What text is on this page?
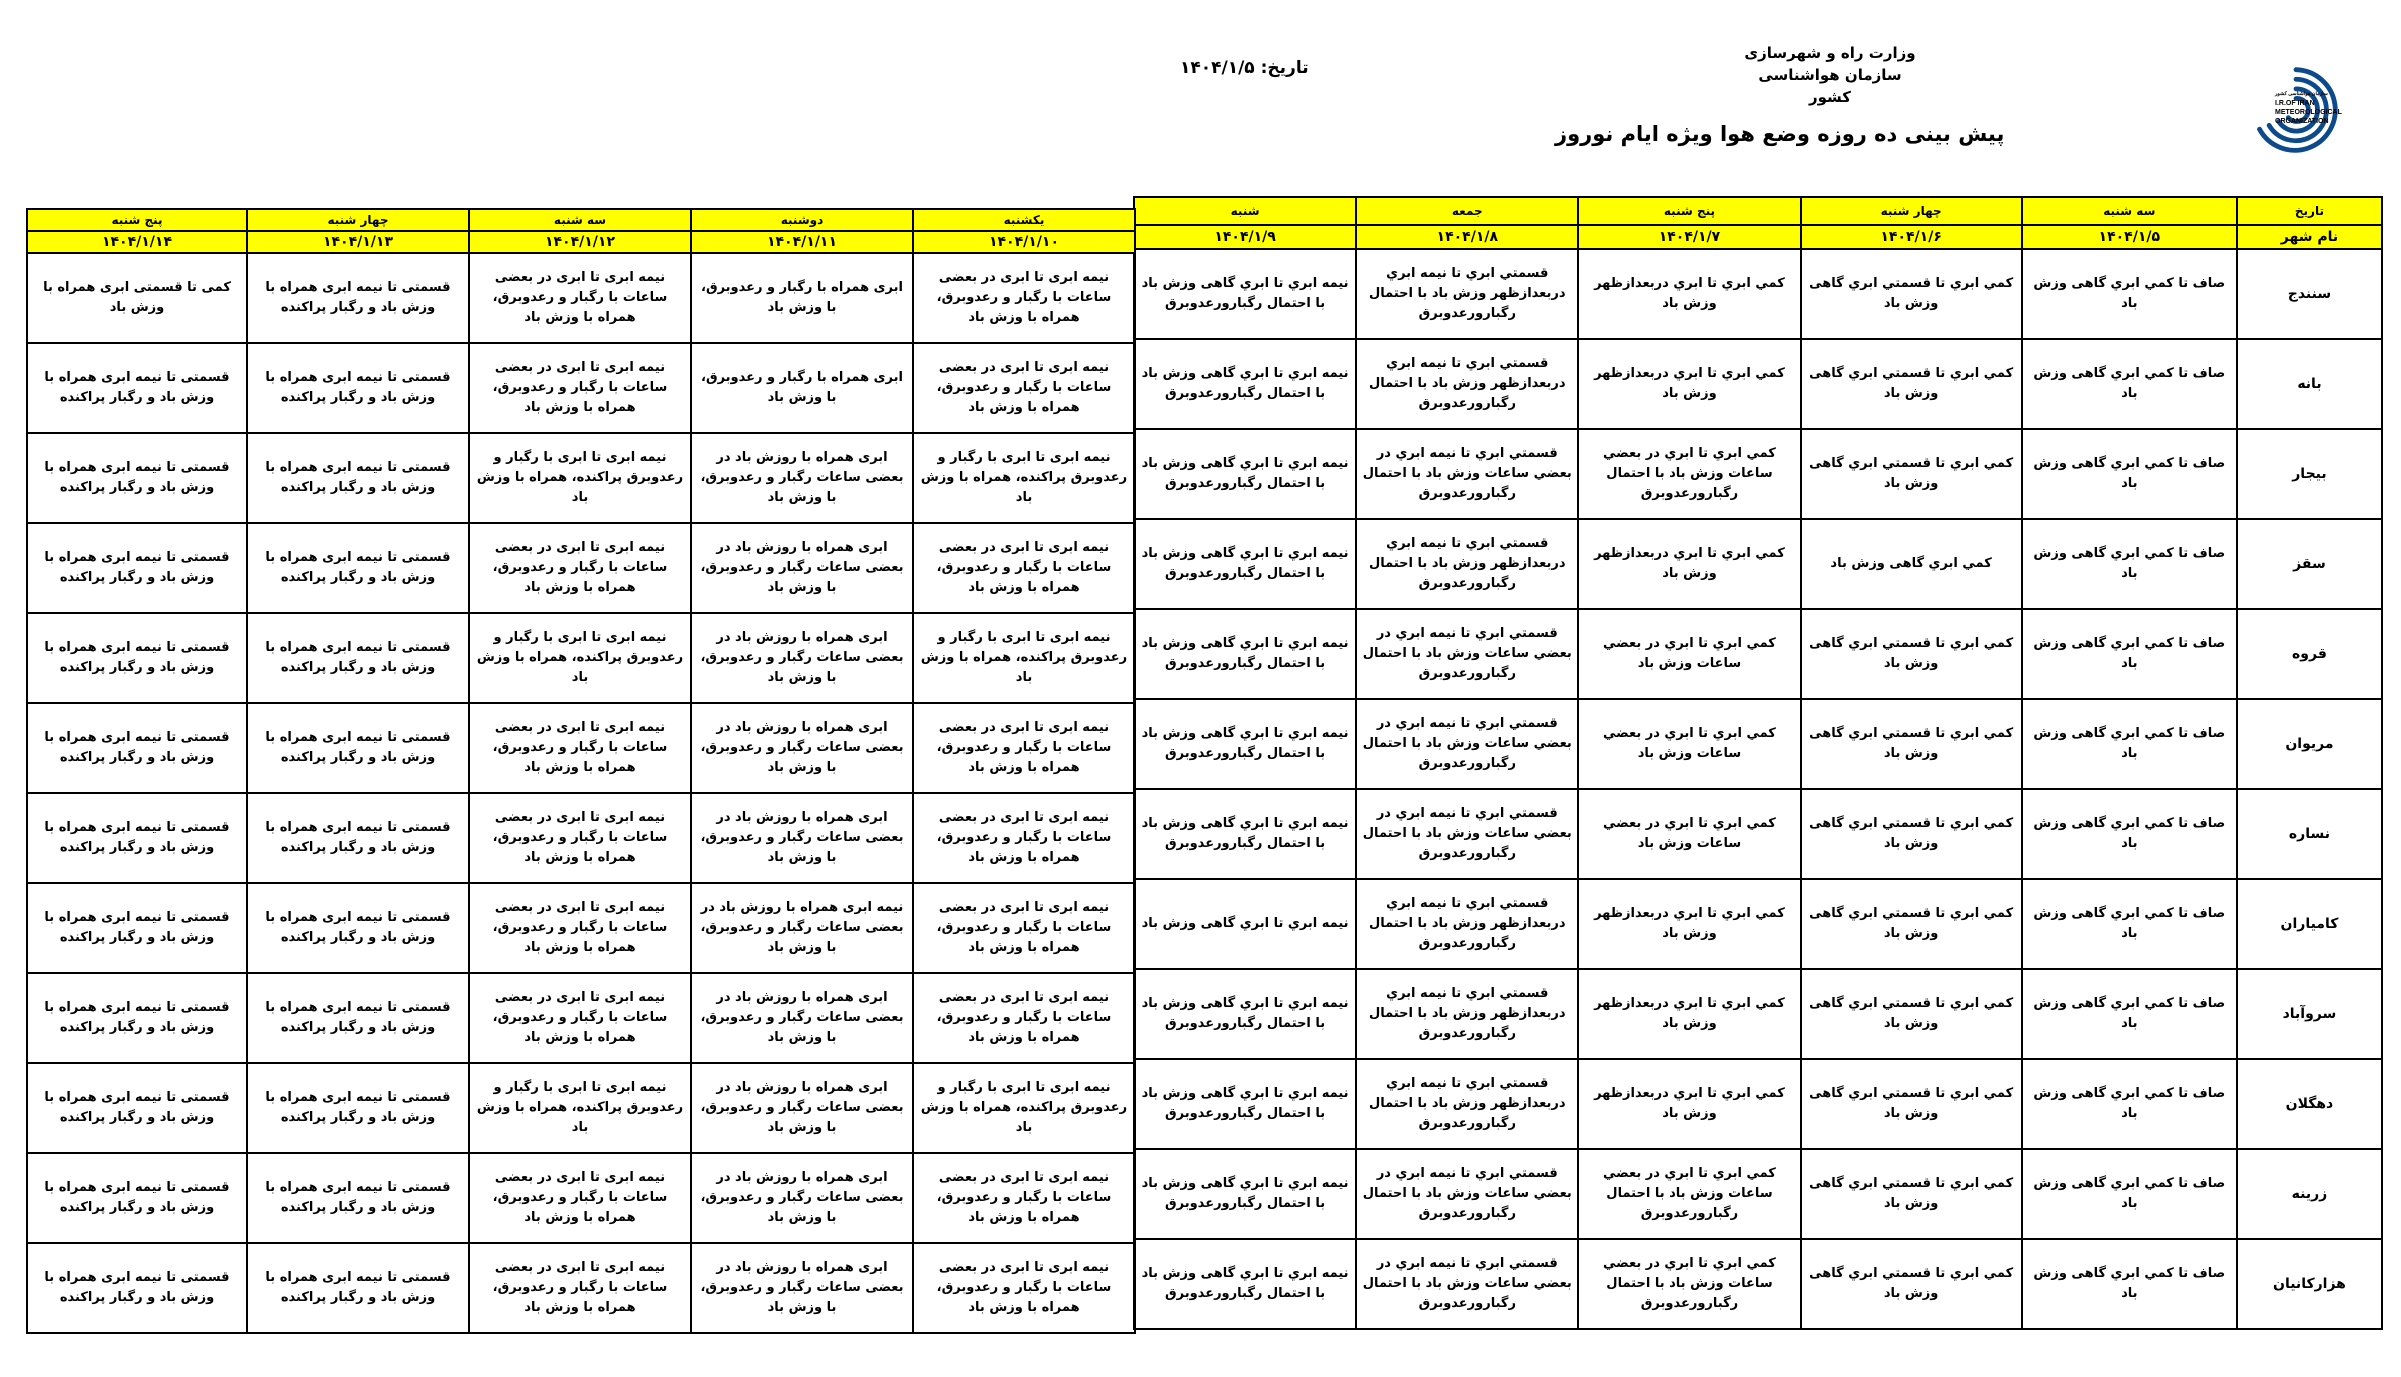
وزارت راه و شهرسازی
سازمان هواشناسی کشور
تاریخ: ۱۴۰۴/۱/۵
پیش بینی ده روزه وضع هوا ویژه ایام نوروز
سازمان هواشناسی کشور
I.R.OF IRAN
METEOROLOGICAL
ORGANIZATION
تاریخ	سه شنبه	چهار شنبه	پنج شنبه	جمعه	شنبه
نام شهر	۱۴۰۴/۱/۵	۱۴۰۴/۱/۶	۱۴۰۴/۱/۷	۱۴۰۴/۱/۸	۱۴۰۴/۱/۹
سنندج	صاف تا کمي ابري گاهی وزش باد	کمي ابري تا قسمتي ابري گاهی وزش باد	کمي ابري تا ابري دربعدازظهر وزش باد	قسمتي ابري تا نیمه ابري دربعدازظهر وزش باد با احتمال رگبارورعدوبرق	نیمه ابري تا ابري گاهی وزش باد با احتمال رگبارورعدوبرق
بانه	صاف تا کمي ابري گاهی وزش باد	کمي ابري تا قسمتي ابري گاهی وزش باد	کمي ابري تا ابري دربعدازظهر وزش باد	قسمتي ابري تا نیمه ابري دربعدازظهر وزش باد با احتمال رگبارورعدوبرق	نیمه ابري تا ابري گاهی وزش باد با احتمال رگبارورعدوبرق
بیجار	صاف تا کمي ابري گاهی وزش باد	کمي ابري تا قسمتي ابري گاهی وزش باد	کمي ابري تا ابري در بعضي ساعات وزش باد با احتمال رگبارورعدوبرق	قسمتي ابري تا نیمه ابري در بعضي ساعات وزش باد با احتمال رگبارورعدوبرق	نیمه ابري تا ابري گاهی وزش باد با احتمال رگبارورعدوبرق
سقز	صاف تا کمي ابري گاهی وزش باد	کمي ابري گاهی وزش باد	کمي ابري تا ابري دربعدازظهر وزش باد	قسمتي ابري تا نیمه ابري دربعدازظهر وزش باد با احتمال رگبارورعدوبرق	نیمه ابري تا ابري گاهی وزش باد با احتمال رگبارورعدوبرق
قروه	صاف تا کمي ابري گاهی وزش باد	کمي ابري تا قسمتي ابري گاهی وزش باد	کمي ابري تا ابري در بعضي ساعات وزش باد	قسمتي ابري تا نیمه ابري در بعضي ساعات وزش باد با احتمال رگبارورعدوبرق	نیمه ابري تا ابري گاهی وزش باد با احتمال رگبارورعدوبرق
مریوان	صاف تا کمي ابري گاهی وزش باد	کمي ابري تا قسمتي ابري گاهی وزش باد	کمي ابري تا ابري در بعضي ساعات وزش باد	قسمتي ابري تا نیمه ابري در بعضي ساعات وزش باد با احتمال رگبارورعدوبرق	نیمه ابري تا ابري گاهی وزش باد با احتمال رگبارورعدوبرق
نساره	صاف تا کمي ابري گاهی وزش باد	کمي ابري تا قسمتي ابري گاهی وزش باد	کمي ابري تا ابري در بعضي ساعات وزش باد	قسمتي ابري تا نیمه ابري در بعضي ساعات وزش باد با احتمال رگبارورعدوبرق	نیمه ابري تا ابري گاهی وزش باد با احتمال رگبارورعدوبرق
کامیاران	صاف تا کمي ابري گاهی وزش باد	کمي ابري تا قسمتي ابري گاهی وزش باد	کمي ابري تا ابري دربعدازظهر وزش باد	قسمتي ابري تا نیمه ابري دربعدازظهر وزش باد با احتمال رگبارورعدوبرق	نیمه ابري تا ابري گاهی وزش باد
سروآباد	صاف تا کمي ابري گاهی وزش باد	کمي ابري تا قسمتي ابري گاهی وزش باد	کمي ابري تا ابري دربعدازظهر وزش باد	قسمتي ابري تا نیمه ابري دربعدازظهر وزش باد با احتمال رگبارورعدوبرق	نیمه ابري تا ابري گاهی وزش باد با احتمال رگبارورعدوبرق
دهگلان	صاف تا کمي ابري گاهی وزش باد	کمي ابري تا قسمتي ابري گاهی وزش باد	کمي ابري تا ابري دربعدازظهر وزش باد	قسمتي ابري تا نیمه ابري دربعدازظهر وزش باد با احتمال رگبارورعدوبرق	نیمه ابري تا ابري گاهی وزش باد با احتمال رگبارورعدوبرق
زرینه	صاف تا کمي ابري گاهی وزش باد	کمي ابري تا قسمتي ابري گاهی وزش باد	کمي ابري تا ابري در بعضي ساعات وزش باد با احتمال رگبارورعدوبرق	قسمتي ابري تا نیمه ابري در بعضي ساعات وزش باد با احتمال رگبارورعدوبرق	نیمه ابري تا ابري گاهی وزش باد با احتمال رگبارورعدوبرق
هزارکانیان	صاف تا کمي ابري گاهی وزش باد	کمي ابري تا قسمتي ابري گاهی وزش باد	کمي ابري تا ابري در بعضي ساعات وزش باد با احتمال رگبارورعدوبرق	قسمتي ابري تا نیمه ابري در بعضي ساعات وزش باد با احتمال رگبارورعدوبرق	نیمه ابري تا ابري گاهی وزش باد با احتمال رگبارورعدوبرق
یکشنبه	دوشنبه	سه شنبه	چهار شنبه	پنج شنبه
۱۴۰۴/۱/۱۰	۱۴۰۴/۱/۱۱	۱۴۰۴/۱/۱۲	۱۴۰۴/۱/۱۳	۱۴۰۴/۱/۱۴
نیمه ابری تا ابری در بعضی ساعات با رگبار و رعدوبرق، همراه با وزش باد	ابری همراه با رگبار و رعدوبرق، با وزش باد	نیمه ابری تا ابری در بعضی ساعات با رگبار و رعدوبرق، همراه با وزش باد	قسمتی تا نیمه ابری همراه با وزش باد و رگبار پراکنده	کمی تا قسمتی ابری همراه با وزش باد
نیمه ابری تا ابری در بعضی ساعات با رگبار و رعدوبرق، همراه با وزش باد	ابری همراه با رگبار و رعدوبرق، با وزش باد	نیمه ابری تا ابری در بعضی ساعات با رگبار و رعدوبرق، همراه با وزش باد	قسمتی تا نیمه ابری همراه با وزش باد و رگبار پراکنده	قسمتی تا نیمه ابری همراه با وزش باد و رگبار پراکنده
نیمه ابری تا ابری با رگبار و رعدوبرق پراکنده، همراه با وزش باد	ابری همراه با روزش باد در بعضی ساعات رگبار و رعدوبرق، با وزش باد	نیمه ابری تا ابری با رگبار و رعدوبرق پراکنده، همراه با وزش باد	قسمتی تا نیمه ابری همراه با وزش باد و رگبار پراکنده	قسمتی تا نیمه ابری همراه با وزش باد و رگبار پراکنده
نیمه ابری تا ابری در بعضی ساعات با رگبار و رعدوبرق، همراه با وزش باد	ابری همراه با روزش باد در بعضی ساعات رگبار و رعدوبرق، با وزش باد	نیمه ابری تا ابری در بعضی ساعات با رگبار و رعدوبرق، همراه با وزش باد	قسمتی تا نیمه ابری همراه با وزش باد و رگبار پراکنده	قسمتی تا نیمه ابری همراه با وزش باد و رگبار پراکنده
نیمه ابری تا ابری با رگبار و رعدوبرق پراکنده، همراه با وزش باد	ابری همراه با روزش باد در بعضی ساعات رگبار و رعدوبرق، با وزش باد	نیمه ابری تا ابری با رگبار و رعدوبرق پراکنده، همراه با وزش باد	قسمتی تا نیمه ابری همراه با وزش باد و رگبار پراکنده	قسمتی تا نیمه ابری همراه با وزش باد و رگبار پراکنده
نیمه ابری تا ابری در بعضی ساعات با رگبار و رعدوبرق، همراه با وزش باد	ابری همراه با روزش باد در بعضی ساعات رگبار و رعدوبرق، با وزش باد	نیمه ابری تا ابری در بعضی ساعات با رگبار و رعدوبرق، همراه با وزش باد	قسمتی تا نیمه ابری همراه با وزش باد و رگبار پراکنده	قسمتی تا نیمه ابری همراه با وزش باد و رگبار پراکنده
نیمه ابری تا ابری در بعضی ساعات با رگبار و رعدوبرق، همراه با وزش باد	ابری همراه با روزش باد در بعضی ساعات رگبار و رعدوبرق، با وزش باد	نیمه ابری تا ابری در بعضی ساعات با رگبار و رعدوبرق، همراه با وزش باد	قسمتی تا نیمه ابری همراه با وزش باد و رگبار پراکنده	قسمتی تا نیمه ابری همراه با وزش باد و رگبار پراکنده
نیمه ابری تا ابری در بعضی ساعات با رگبار و رعدوبرق، همراه با وزش باد	نیمه ابری همراه با روزش باد در بعضی ساعات رگبار و رعدوبرق، با وزش باد	نیمه ابری تا ابری در بعضی ساعات با رگبار و رعدوبرق، همراه با وزش باد	قسمتی تا نیمه ابری همراه با وزش باد و رگبار پراکنده	قسمتی تا نیمه ابری همراه با وزش باد و رگبار پراکنده
نیمه ابری تا ابری در بعضی ساعات با رگبار و رعدوبرق، همراه با وزش باد	ابری همراه با روزش باد در بعضی ساعات رگبار و رعدوبرق، با وزش باد	نیمه ابری تا ابری در بعضی ساعات با رگبار و رعدوبرق، همراه با وزش باد	قسمتی تا نیمه ابری همراه با وزش باد و رگبار پراکنده	قسمتی تا نیمه ابری همراه با وزش باد و رگبار پراکنده
نیمه ابری تا ابری با رگبار و رعدوبرق پراکنده، همراه با وزش باد	ابری همراه با روزش باد در بعضی ساعات رگبار و رعدوبرق، با وزش باد	نیمه ابری تا ابری با رگبار و رعدوبرق پراکنده، همراه با وزش باد	قسمتی تا نیمه ابری همراه با وزش باد و رگبار پراکنده	قسمتی تا نیمه ابری همراه با وزش باد و رگبار پراکنده
نیمه ابری تا ابری در بعضی ساعات با رگبار و رعدوبرق، همراه با وزش باد	ابری همراه با روزش باد در بعضی ساعات رگبار و رعدوبرق، با وزش باد	نیمه ابری تا ابری در بعضی ساعات با رگبار و رعدوبرق، همراه با وزش باد	قسمتی تا نیمه ابری همراه با وزش باد و رگبار پراکنده	قسمتی تا نیمه ابری همراه با وزش باد و رگبار پراکنده
نیمه ابری تا ابری در بعضی ساعات با رگبار و رعدوبرق، همراه با وزش باد	ابری همراه با روزش باد در بعضی ساعات رگبار و رعدوبرق، با وزش باد	نیمه ابری تا ابری در بعضی ساعات با رگبار و رعدوبرق، همراه با وزش باد	قسمتی تا نیمه ابری همراه با وزش باد و رگبار پراکنده	قسمتی تا نیمه ابری همراه با وزش باد و رگبار پراکنده
